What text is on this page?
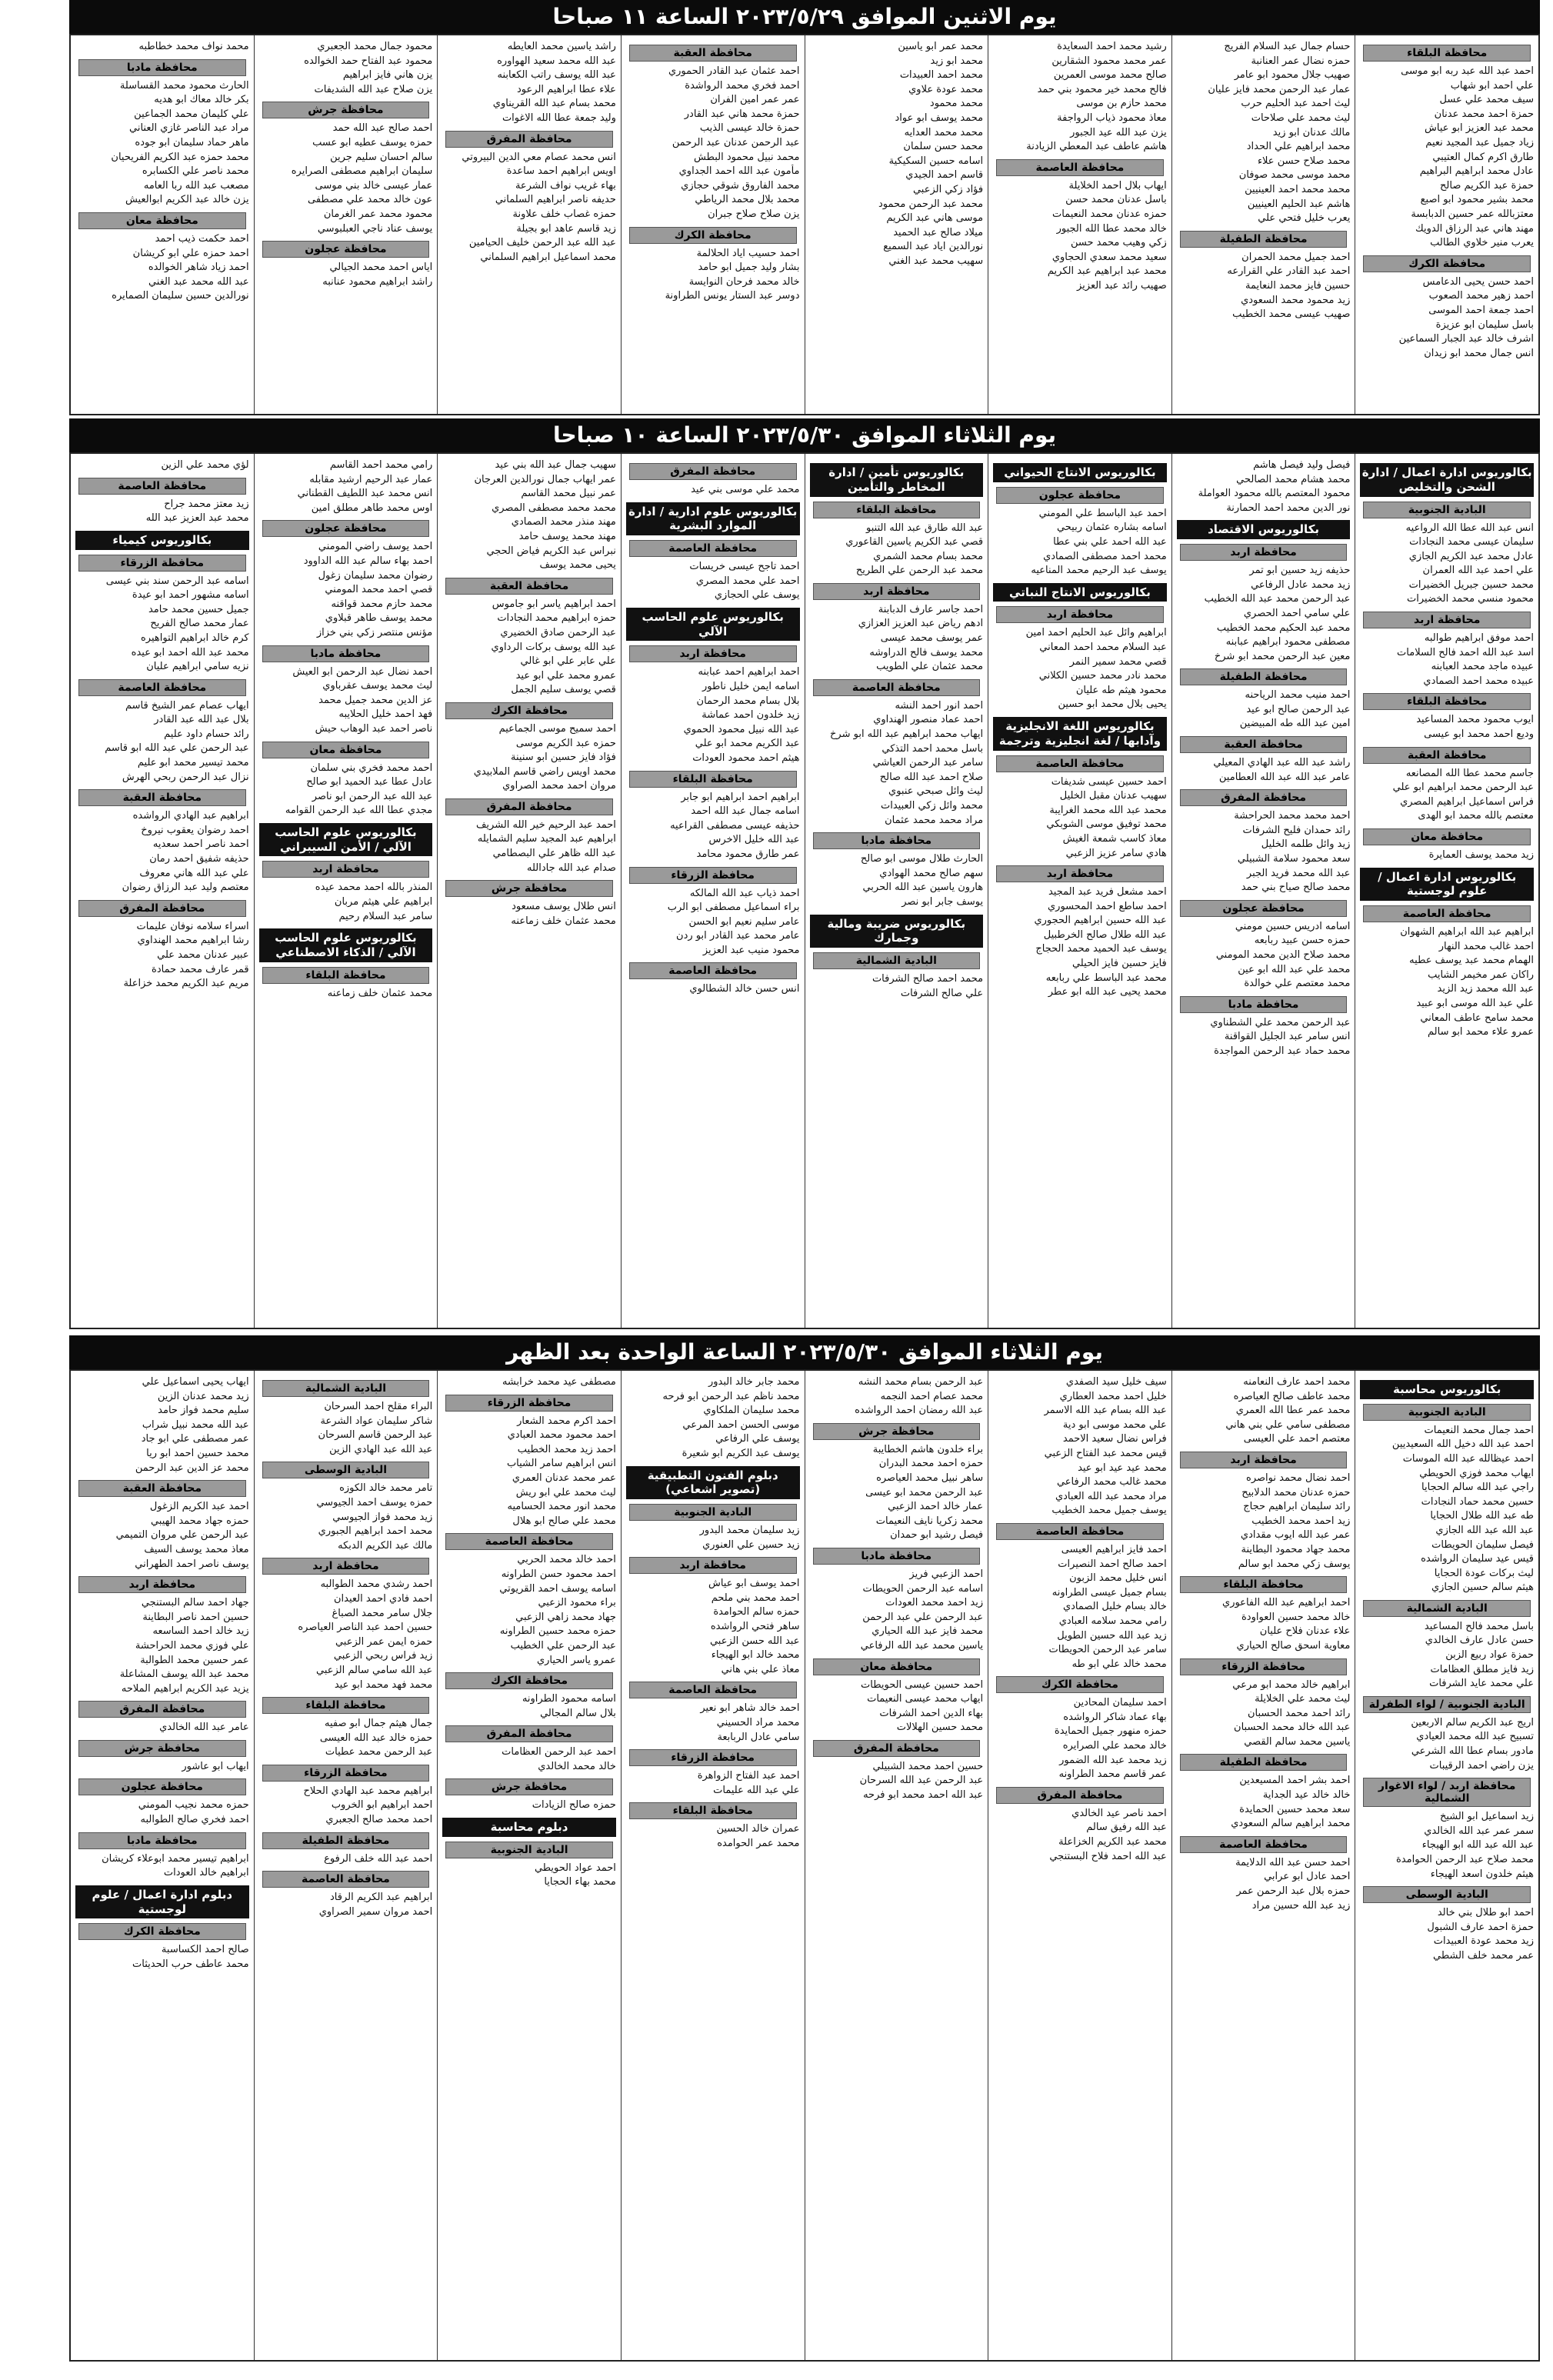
يوم الاثنين الموافق ٢٠٢٣/٥/٢٩ الساعة ١١ صباحا
محافظة البلقاء
احمد عبد الله عبد ربه ابو موسى
علي احمد ابو شهاب
سيف محمد علي عسل
حمزة احمد محمد عدنان
محمد عبد العزيز ابو عياش
زياد جميل عبد المجيد نعيم
طارق اكرم كمال العتيبي
عادل محمد ابراهيم البراهيم
حمزة عبد الكريم صالح
محمد بشير محمود ابو اصبع
معتزبالله عمر حسين الدبابسة
مهند هاني عبد الرزاق الدويك
يعرب منير خلاوي الطالب
محافظة الكرك
احمد حسن يحيى الدعامس
احمد زهير محمد الصعوب
احمد جمعة احمد الموسى
باسل سليمان ابو عزيزة
اشرف خالد عبد الجبار السماعين
انس جمال محمد ابو زيدان
حسام جمال عبد السلام الفريج
حمزه نضال عمر العنانبة
صهيب جلال محمود ابو عامر
عمار عبد الرحمن محمد فايز عليان
ليث احمد عبد الحليم حرب
ليث محمد علي صلاحات
مالك عدنان ابو زيد
محمد ابراهيم علي الحداد
محمد صلاح حسن علاء
محمد موسى محمد صوفان
محمد محمد احمد العينيين
هاشم عبد الحليم العينيين
يعرب خليل فتحي علي
محافظة الطفيلة
احمد جميل محمد الحمران
احمد عبد القادر علي القرارعه
حسين فايز محمد النعايمة
زيد محمود محمد السعودي
صهيب عيسى محمد الخطيب
رشيد محمد احمد السعايدة
عمر محمد محمود الشقارين
صالح محمد موسى العمرين
فالح محمد خير محمود بني حمد
محمد حازم بن موسى
معاذ محمود ذياب الرواجفة
يزن عبد الله عيد الجبور
هاشم عاطف عبد المعطي الزيادنة
محافظة العاصمة
ايهاب بلال احمد الخلايلة
باسل عدنان محمد حسن
حمزه عدنان محمد النعيمات
خالد محمد عطا الله الجبور
زكي وهيب محمد حسن
سعيد محمد سعدي الحجاوي
محمد عبد ابراهيم عبد الكريم
صهيب رائد عبد العزيز
محمد عمر ابو ياسين
محمد ابو زيد
محمد احمد العبيدات
محمد عودة علاوي
محمد محمود
محمد يوسف ابو عواد
محمد محمد العدايه
محمد حسن سلمان
اسامه حسين السكيكية
قاسم احمد الجيدي
فؤاد زكي الزعبي
محمد عبد الرحمن محمود
موسى هاني عبد الكريم
ميلاد صالح عبد الحميد
نورالدين اياد عبد السميع
سهيب محمد عبد الغني
محافظة العقبة
احمد عثمان عبد القادر الحموري
احمد فخري محمد الرواشدة
عمر عمر امين الفران
حمزة محمد هاني عبد القادر
حمزة خالد عيسى الذيب
عبد الرحمن عدنان عبد الرحمن
محمد نبيل محمود البطش
مأمون عبد الله احمد الجداوي
محمد الفاروق شوقي حجازي
محمد بلال محمد الرياطي
يزن صلاح صلاح جبران
محافظة الكرك
احمد حسيب اياد الحلالمة
بشار وليد جميل ابو حامد
خالد محمد فرحان النوايسة
دوسر عبد الستار يونس الطراونة
راشد ياسين محمد العايطه
عبد الله محمد سعيد الهواوره
عبد الله يوسف راتب الكعابنه
علاء عطا ابراهيم الرعود
محمد بسام عبد الله القريناوي
وليد جمعة عطا الله الاغوات
محافظة المفرق
انس محمد عصام معي الدين البيروتي
اويس ابراهيم احمد ساعدة
بهاء غريب نواف الشرعة
حديفه ناصر ابراهيم السلماني
حمزه غصاب خلف علاونة
زيد قاسم عاهد ابو بجيلة
عبد الله عبد الرحمن خليف الحيامين
محمد اسماعيل ابراهيم السلماني
محمود جمال محمد الجعبري
محمود عبد الفتاح حمد الخوالده
يزن هاني فايز ابراهيم
يزن صلاح عبد الله الشديفات
محافظة جرش
احمد صالح عبد الله حمد
حمزه يوسف عطيه ابو عسب
سالم احسان سليم جرين
سليمان ابراهيم مصطفى الصرايره
عمار عيسى خالد بني موسى
عون خالد محمد علي مصطفى
محمود محمد عمر الغرمان
يوسف عناد ناجي العبلبوسي
محافظة عجلون
اياس احمد محمد الجيالي
راشد ابراهيم محمود عنانبه
محمد نواف محمد خطاطبه
محافظة مادبا
الحارث محمود محمد القساسلة
بكر خالد معاك ابو هديه
علي كليمان محمد الجماعين
مراد عبد الناصر غازي العناني
ماهر حماد سليمان ابو جوده
محمد حمزه عبد الكريم الفريحيان
محمد ناصر علي الكسابره
مصعب عبد الله ربا العامه
يزن خالد عبد الكريم ابوالعيش
محافظة معان
احمد حكمت ذيب احمد
احمد حمزه علي ابو كريشان
احمد زياد شاهر الخوالده
عبد الله محمد عبد الغني
نورالدين حسين سليمان الصمايره
يوم الثلاثاء الموافق ٢٠٢٣/٥/٣٠ الساعة ١٠ صباحا
بكالوريوس ادارة اعمال / ادارة الشحن والتخليص
البادية الجنوبية
انس عبد الله عطا الله الرواعيه
سليمان عيسى محمد النجادات
عادل محمد عبد الكريم الجازي
علي احمد عبد الله العمران
محمد حسين جبريل الخضيرات
محمود منسي محمد الخضيرات
محافظة اربد
احمد موفق ابراهيم طوالبه
اسد عبد الله احمد فالح السلامات
عبيده ماجد محمد العبابنه
عبيده محمد احمد الصمادي
محافظة البلقاء
ايوب محمود محمد المساعيد
وديع احمد محمد ابو عيسى
محافظة العقبة
جاسم محمد عطا الله المصانعه
عبد الرحمن محمد ابراهيم ابو علي
فراس اسماعيل ابراهيم المصري
معتصم بالله محمد ابو الهدى
محافظة معان
زيد محمد يوسف العمايرة
بكالوريوس ادارة اعمال / علوم لوجستية
محافظة العاصمة
ابراهيم عبد الله ابراهيم الشهوان
احمد غالب محمد النهار
الهمام محمد عبد يوسف عطيه
راكان عمر مخيمر الشايب
عبد الله محمد زيد الزيد
علي عبد الله موسى ابو عبيد
محمد سامح عاطف المعاني
عمرو علاء محمد ابو سالم
فيصل وليد فيصل هاشم
محمد هشام محمد الصالحي
محمود المعتصم بالله محمود العواملة
نور الدين محمد احمد الحمارنة
بكالوريوس الاقتصاد
محافظة اربد
حذيفه زيد حسين ابو تمر
زيد محمد عادل الرفاعي
عبد الرحمن محمد عبد الله الخطيب
علي سامي احمد الحصري
محمد عبد الحكيم محمد الخطيب
مصطفى محمود ابراهيم عبابنه
معين عبد الرحمن محمد ابو شرخ
محافظة الطفيلة
احمد منيب محمد الرياحنه
عبد الرحمن صالح ابو عيد
امين عبد الله طه المبيضين
محافظة العقبة
راشد عبد الله عبد الهادي المعيلي
عامر عبد الله عبد الله العطامين
محافظة المفرق
احمد محمد محمد الحراحشة
رائد حمدان فليح الشرفات
زيد وائل طلمه الخليل
سعد محمود سلامة الشبيلي
عبد الله محمد فريد الجبر
محمد صالح صياح بني حمد
محافظة عجلون
اسامه ادريس حسين مومني
حمزه حسن عبيد ربابعه
محمد صلاح الدين محمد المومني
محمد علي عبد الله ابو عين
محمد معتصم علي خوالدة
محافظة مادبا
عبد الرحمن محمد علي الشطناوي
انس سامر عبد الجليل القواقنة
محمد حماد عبد الرحمن المواجدة
بكالوريوس الانتاج الحيواني
محافظة عجلون
احمد عبد الباسط علي المومني
اسامه بشاره عثمان ربيحي
عبد الله احمد علي بني عطا
محمد احمد مصطفى الصمادي
يوسف عبد الرحيم محمد المناعيه
بكالوريوس الانتاج النباتي
محافظة اربد
ابراهيم وائل عبد الحليم احمد امين
عبد السلام محمد احمد المعاني
قصي محمد سمير النمر
محمد نادر محمد حسين الكلاني
محمود هيثم طه عليان
يحيى بلال محمد ابو حسين
بكالوريوس اللغة الانجليزية وآدابها / لغة انجليزية وترجمة
محافظة العاصمة
احمد حسين عيسى شديفات
سهيب عدنان مقبل الخليل
محمد عبد الله محمد الغرايبة
محمد توفيق موسى الشوبكي
معاذ كاسب شمعة الغيش
هادي سامر عزيز الزعبي
محافظة اربد
احمد مشعل فريد عبد المجيد
احمد ساطع احمد المحسوري
عبد الله حسين ابراهيم الحجوري
عبد الله طلال صالح الخرطبيل
يوسف عبد الحميد محمد الحجاج
فايز حسين فايز الحيلي
محمد عبد الباسط علي ربابعه
محمد يحيى عبد الله ابو عطر
بكالوريوس تأمين / ادارة المخاطر والتأمين
محافظة البلقاء
عبد الله طارق عبد الله التنبو
قصي عبد الكريم ياسين القاعوري
محمد بسام محمد الشمري
محمد عبد الرحمن علي الطريح
محافظة اربد
احمد جاسر عارف الدبابنة
ادهم رياض عبد العزيز العزازي
عمر يوسف محمد عيسى
محمد يوسف فالح الدراوشه
محمد عثمان علي الطويب
محافظة العاصمة
احمد انور احمد النشه
احمد عماد منصور الهنداوي
ايهاب محمد ابراهيم عبد الله ابو شرخ
باسل محمد احمد التذكي
سامر عبد الرحمن العياشي
صلاح احمد عبد الله صالح
ليث وائل صبحي عنبوي
محمد وائل زكي العبيدات
مراد محمد محمد عثمان
محافظة مادبا
الحارث طلال موسى ابو صالح
سهم صالح محمد الهوادي
هارون ياسين عبد الله الحربي
يوسف جابر ابو نصر
بكالوريوس ضريبة ومالية وجمارك
البادية الشمالية
محمد احمد صالح الشرفات
علي صالح الشرفات
محافظة المفرق
محمد علي موسى بني عيد
بكالوريوس علوم ادارية / ادارة الموارد البشرية
محافظة العاصمة
احمد تاجح عيسى خريسات
احمد علي محمد المصري
يوسف علي الحجازي
بكالوريوس علوم الحاسب الآلي
محافظة اربد
احمد ابراهيم احمد عبابنه
اسامه ايمن خليل ناطور
بلال بسام محمد الرحمان
زيد خلدون احمد عماشة
عبد الله نبيل محمود الحموي
عبد الكريم محمد ابو علي
هيثم احمد محمود العودات
محافظة البلقاء
ابراهيم احمد ابراهيم ابو جابر
اسامه جمال عبد الله احمد
حذيفه عيسى مصطفى القراعيه
عبد الله خليل الاخرس
عمر طارق محمود محامد
محافظة الزرقاء
احمد ذياب عبد الله المالكه
براء اسماعيل مصطفى ابو الرب
عامر سليم نعيم ابو الحسن
عامر محمد عبد القادر ابو ردن
محمود منيب عبد العزيز
محافظة العاصمة
انس حسن خالد الشطالوي
سهيب جمال عبد الله بني عيد
عمر ايهاب جمال نورالدين العرجان
عمر نبيل محمد القاسم
محمد محمد مصطفى المصري
مهند منذر محمد الصمادي
مهند محمد يوسف حامد
نبراس عبد الكريم فياض الحجي
يحيى محمد يوسف
محافظة العقبة
احمد ابراهيم ياسر ابو جاموس
حمزه ابراهيم محمد النجادات
عبد الرحمن صادق الخضيري
عبد الله يوسف بركات الرداوي
علي عابر علي ابو غالي
عمرو محمد علي ابو عيد
قصي يوسف سليم الجمل
محافظة الكرك
احمد سميح موسى الجماعيم
حمزه عبد الكريم موسى
فؤاد فايز حسين ابو سنينة
محمد اويس راضي قاسم الملابيدي
مروان احمد محمد الصراوي
محافظة المفرق
احمد عبد الرحيم خير الله الشريف
ابراهيم عبد المجيد سليم الشمايله
عبد الله ظاهر علي البصطامي
صدام عبد الله جادالله
محافظة جرش
انس طلال يوسف مسعود
محمد عثمان خلف زماعنه
رامي محمد احمد القاسم
عمار عبد الرحيم ارشيد مقابله
انس محمد عبد اللطيف القطناني
اوس محمد طاهر مطلق امين
محافظة عجلون
احمد يوسف راضي المومني
احمد بهاء سالم عبد الله الداوود
رضوان محمد سليمان زغول
قصي احمد محمد المومني
محمد حازم محمد قواقنه
محمد يوسف طاهر قبلاوي
مؤنس منتصر زكي بني خزاز
محافظة مادبا
احمد نضال عبد الرحمن ابو العيش
ليث محمد يوسف عقرباوي
عز الدين محمد جميل محمد
فهد احمد خليل الحلايبه
ناصر احمد عبد الوهاب حيش
محافظة معان
احمد محمد فخري بني سلمان
عادل عطا عبد الحميد ابو صالح
عبد الله عبد الرحمن ابو ناصر
مجدي عطا الله عبد الرحمن القوامه
بكالوريوس علوم الحاسب الآلي / الأمن السيبراني
محافظة اربد
المنذر بالله احمد محمد عيده
ابراهيم علي هيثم مربان
سامر عبد السلام رحيم
بكالوريوس علوم الحاسب الآلي / الذكاء الاصطناعي
محافظة البلقاء
محمد عثمان خلف زماعنه
لؤي محمد علي الزين
محافظة العاصمة
زيد معتز محمد جراح
محمد عبد العزيز عبد الله
بكالوريوس كيمياء
محافظة الزرقاء
اسامه عبد الرحمن سند بني عيسى
اسامه مشهور احمد ابو عيدة
جميل حسين محمد حامد
عمار محمد صالح الفريح
كرم خالد ابراهيم التواهيره
محمد عبد الله احمد ابو عيده
نزيه سامي ابراهيم عليان
محافظة العاصمة
ايهاب عصام عمر الشيخ قاسم
بلال عبد الله عبد القادر
رائد حسام داود عليم
عبد الرحمن علي عبد الله ابو قاسم
محمد تيسير محمد ابو عليم
نزال عبد الرحمن ربحي الهرش
محافظة العقبة
ابراهيم عبد الهادي الرواشده
احمد رضوان يعقوب نيروخ
احمد ناصر احمد سعديه
حذيفه شفيق احمد رمان
علي عبد الله هاني معروف
معتصم وليد عبد الرزاق رضوان
محافظة المفرق
اسراء سلامه نوفان عليمات
رشا ابراهيم محمد الهنداوي
عبير عدنان محمد علي
قمر عارف محمد حمادة
مريم عبد الكريم محمد خزاعلة
يوم الثلاثاء الموافق ٢٠٢٣/٥/٣٠ الساعة الواحدة بعد الظهر
بكالوريوس محاسبة
البادية الجنوبية
احمد جمال محمد النعيمات
احمد عبد الله دخيل الله السعيديين
احمد عيظالله عبد الله الموسات
ايهاب محمد فوزي الحويطي
راجي عبد الله سالم الحجايا
حسين محمد حماد النجادات
طه عبد الله طلال الحجايا
عبد الله عبد الله الجازي
فيصل سليمان الحويطات
قيس عيد سليمان الرواشده
ليث بركات عودة الحجايا
هيثم سالم حسين الجازي
البادية الشمالية
باسل محمد فالح المساعيد
حسن عادل عارف الخالدي
حمزة عواد ربيع الزبن
زيد فايز مطلق العظامات
علي محمد عايد الشرفات
البادية الجنوبية / لواء الطفرلة
اريج عبد الكريم سالم الاربعين
تسبيح عبد الله محمد العيادي
مادور بسام عطا الله الشرعي
يزن راضي احمد الرقيبات
محافظة اربد / لواء الاغوار الشمالية
زيد اسماعيل ابو الشيخ
سمر عمر عبد الله الخالدي
عبد الله عبد الله ابو الهيجاء
محمد صلاح عبد الرحمن الحوامدة
هيثم خلدون اسعد الهيجاء
البادية الوسطى
احمد ابو طلال بني خالد
حمزة احمد عارف الشبول
زيد محمد عودة العبيدات
عمر محمد خلف الشطي
محمد احمد عارف النعامنه
محمد عاطف صالح العياصره
محمد عمر عطا الله العمري
مصطفى سامي علي بني هاني
معتصم احمد علي العيسى
محافظة اربد
احمد نضال محمد نواصره
حمزه عدنان محمد الدلابيح
رائد سليمان ابراهيم حجاج
زيد احمد محمد الخطيب
عمر عبد الله ايوب مقدادي
محمد جهاد محمود البطاينة
يوسف زكي محمد ابو سالم
محافظة البلقاء
احمد ابراهيم عبد الله الفاعوري
خالد محمد حسين العواودة
علاء عدنان فلاح عليان
معاوية اسحق صالح الحياري
محافظة الزرقاء
ابراهيم خالد محمد ابو مرعي
ليث محمد علي الخلايلة
رائد احمد محمد الحسبان
عبد الله خالد محمد الحسبان
ياسين محمد سالم القصي
محافظة الطفيلة
احمد بشر احمد المسيعدين
خالد خالد عيد الجداية
سعد محمد حسين الحمايدة
محمد ابراهيم سالم السعودي
محافظة العاصمة
احمد حسن عبد الله الدلايمة
احمد عادل ابو عرابي
حمزه بلال عبد الرحمن عمر
زيد عبد الله حسين مراد
سيف خليل سيد الصفدي
خليل احمد محمد العطاري
عبد الله بسام عبد الله الاسمر
علي محمد موسى ابو دية
فراس نضال سعيد الاحمد
قيس محمد عبد الفتاح الزعبي
محمد عيد عيد ابو عيد
محمد غالب محمد الرفاعي
مراد محمد عبد الله العبادي
يوسف جميل محمد الخطيب
محافظة العاصمة
احمد فايز ابراهيم العيسى
احمد صالح احمد النصيرات
انس خليل محمد الزبون
بسام جميل عيسى الطراونه
خالد بسام خليل الصمادي
رامي محمد سلامه العبادي
زيد عبد الله حسين الطويل
سامر عبد الرحمن الحويطات
محمد خالد علي ابو طه
محافظة الكرك
احمد سليمان المحادين
بهاء عماد شاكر الرواشده
حمزه منهور جميل الحمايدة
خالد محمد علي الصرايره
زيد محمد عبد الله الضمور
عمر قاسم محمد الطراونه
محافظة المفرق
احمد ناصر عيد الخالدي
عبد الله رفيق سالم
محمد عبد الكريم الخزاعلة
عبد الله احمد فلاح البستنجي
عبد الرحمن بسام محمد النشه
محمد عصام احمد النجمه
عبد الله رمضان احمد الرواشده
محافظة جرش
براء خلدون هاشم الخطايبة
حمزه احمد محمد البدران
ساهر نبيل محمد العياصره
عبد الرحمن محمد ابو عيسى
عمار خالد احمد الزعبي
محمد زكريا نايف النعيمات
فيصل رشيد ابو حمدان
محافظة مادبا
احمد الزعبي فريز
اسامه عبد الرحمن الحويطات
زيد احمد محمد العودات
عبد الرحمن علي عبد الرحمن
محمد فايز عبد الله الحياري
ياسين محمد عبد الله الرفاعي
محافظة معان
احمد حسين عيسى الحويطات
ايهاب محمد عيسى النعيمات
بهاء الدين احمد الشرفات
محمد حسين الهلالات
محافظة المفرق
حسين احمد محمد الشبيلي
عبد الرحمن عبد الله السرحان
عبد الله احمد محمد ابو فرحه
محمد جابر خالد البدور
محمد ناظم عبد الرحمن ابو فرحه
محمد سليمان الملكاوي
موسى الحسن احمد المرعي
يوسف علي الرفاعي
يوسف عبد الكريم ابو شعيرة
دبلوم الفنون التطبيقية (تصوير اشعاعي)
البادية الجنوبية
زيد سليمان محمد البدور
زيد حسين علي العنوري
محافظة اربد
احمد يوسف ابو عياش
احمد محمد بني ملحم
حمزه سالم الحوامدة
ساهر فتحي الرواشده
عبد الله حسن الزعبي
محمد خالد ابو الهيجاء
معاذ علي بني هاني
محافظة العاصمة
احمد خالد شاهر ابو نعير
محمد مراد الحسيني
سامي عادل الربابعة
محافظة الزرقاء
احمد عبد الفتاح الزواهرة
علي عبد الله عليمات
محافظة البلقاء
عمران خالد الحسين
محمد عمر الحوامده
مصطفى عيد محمد خرابشه
محافظة الزرقاء
احمد اكرم محمد الشعار
احمد محمود محمد العبادي
احمد زيد محمد الخطيب
انس ابراهيم سامر الشياب
عمر محمد عدنان العمري
ليث محمد علي ابو ريش
محمد انور محمد الحساميه
محمد علي صالح ابو هلال
محافظة العاصمة
احمد خالد محمد الحربي
احمد محمود حسن الطراونه
اسامه يوسف احمد القريوتي
براء محمود الزعبي
جهاد محمد زاهي الزعبي
حمزه محمد حسين الطراونه
عبد الرحمن علي الخطيب
عمرو ياسر الحياري
محافظة الكرك
اسامه محمود الطراونه
بلال سالم المجالي
محافظة المفرق
احمد عبد الرحمن العظامات
خالد محمد الخالدي
محافظة جرش
حمزه صالح الزيادات
دبلوم محاسبة
البادية الجنوبية
احمد عواد الحويطي
محمد بهاء الحجايا
البادية الشمالية
البراء مقلح احمد السرحان
شاكر سليمان عواد الشرعة
عبد الرحمن قاسم السرحان
عبد الله عبد الهادي الزين
البادية الوسطى
تامر محمد خالد الكوزه
حمزه يوسف احمد الجيوسي
زيد محمد فواز الجيوسي
محمد احمد ابراهيم الجبوري
مالك عبد الكريم الدبكه
محافظة اربد
احمد رشدي محمد الطوالبه
احمد فادي احمد العيدان
جلال سامر محمد الصباغ
حسين احمد عبد الناصر العياصره
حمزه ايمن عمر الزعبي
زيد فراس ربحي الزعبي
عبد الله سامي سالم الزعبي
محمد فهد محمد ابو عيد
محافظة البلقاء
جمال هيثم جمال ابو صفيه
حمزه خالد عبد الله العيسى
عبد الرحمن محمد عطيات
محافظة الزرقاء
ابراهيم محمد عبد الهادي الحلاح
احمد ابراهيم ابو الخروب
احمد محمد صالح الجعبري
محافظة الطفيلة
احمد عبد الله خلف الرفوع
محافظة العاصمة
ابراهيم عبد الكريم الرقاد
احمد مروان سمير الصراوي
ايهاب يحيى اسماعيل علي
زيد محمد عدنان الزين
سليم محمد فواز حامد
عبد الله محمد نبيل شراب
عمر مصطفى علي ابو جاد
محمد حسين احمد ابو ريا
محمد عز الدين عبد الرحمن
محافظة العقبة
احمد عبد الكريم الزغول
حمزه جهاد محمد الهيبي
عبد الرحمن علي مروان التميمي
معاذ محمد يوسف السيف
يوسف ناصر احمد الطهراني
محافظة اربد
جهاد احمد سالم البستنجي
حسين احمد ناصر البطاينة
زيد خالد احمد الساسعه
علي فوزي محمد الحراحشة
عمر حسين محمد الطوالبة
محمد عبد الله يوسف المشاعلة
يزيد عبد الكريم ابراهيم الملاحه
محافظة المفرق
عامر عبد الله الخالدي
محافظة جرش
ايهاب ابو عاشور
محافظة عجلون
حمزه محمد نجيب المومني
احمد فخري صالح الطوالبه
محافظة مادبا
ابراهيم تيسير محمد ابوعلاء كريشان
ابراهيم خالد العودات
دبلوم ادارة اعمال / علوم لوجستية
محافظة الكرك
صالح احمد الكساسبة
محمد عاطف حرب الحديثات
